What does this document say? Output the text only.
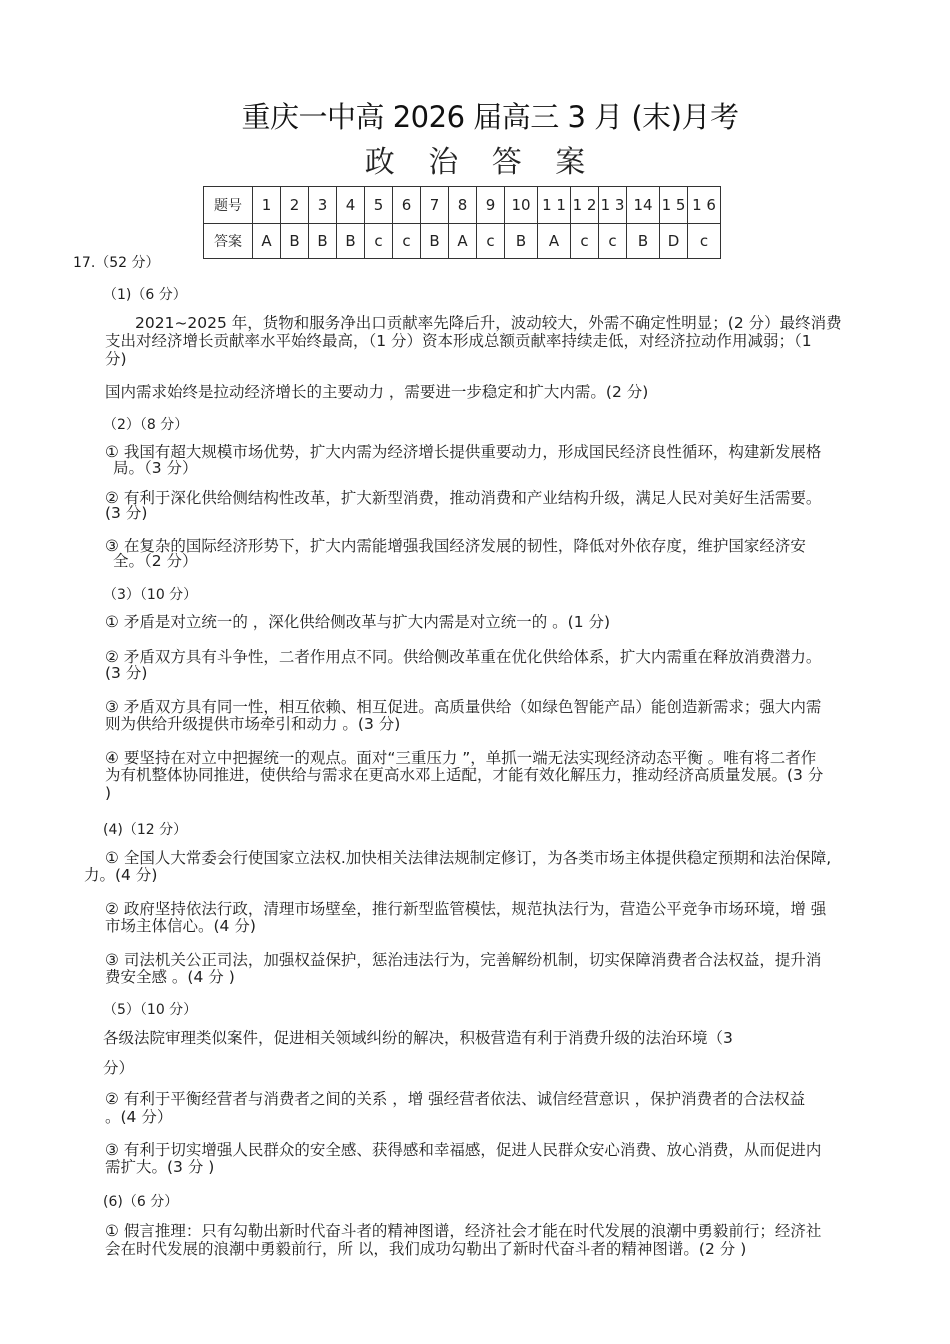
重庆一中高 2026 届高三 3 月 (末)月考
政 治 答 案
题号	1	2	3	4	5	6	7	8	9	10	1 1	1 2	1 3	14	1 5	1 6
答案	A	B	B	B	c	c	B	A	c	B	A	c	c	B	D	c
17.（52 分）
（1)（6 分）
2021~2025 年，货物和服务净出口贡献率先降后升，波动较大，外需不确定性明显；(2 分）最终消费
支出对经济增长贡献率水平始终最高，（1 分）资本形成总额贡献率持续走低，对经济拉动作用减弱；（1
分)
国内需求始终是拉动经济增长的主要动力 ，需要进一步稳定和扩大内需。(2 分)
（2）（8 分）
① 我国有超大规模市场优势，扩大内需为经济增长提供重要动力，形成国民经济良性循环，构建新发展格
局。（3 分）
② 有利于深化供给侧结构性改革，扩大新型消费，推动消费和产业结构升级，满足人民对美好生活需要。
(3 分)
③ 在复杂的国际经济形势下，扩大内需能增强我国经济发展的韧性，降低对外依存度，维护国家经济安
全。（2 分）
（3）（10 分）
① 矛盾是对立统一的 ，深化供给侧改革与扩大内需是对立统一的 。(1 分)
② 矛盾双方具有斗争性，二者作用点不同。供给侧改革重在优化供给体系，扩大内需重在释放消费潜力。
(3 分)
③ 矛盾双方具有同一性，相互依赖、相互促进。高质量供给（如绿色智能产品）能创造新需求；强大内需
则为供给升级提供市场牵引和动力 。(3 分)
④ 要坚持在对立中把握统一的观点。面对“三重压力 ”，单抓一端无法实现经济动态平衡 。唯有将二者作
为有机整体协同推进，使供给与需求在更高水邓上适配，才能有效化解压力，推动经济高质量发展。(3 分
)
(4)（12 分）
① 全国人大常委会行使国家立法权.加快相关法律法规制定修订，为各类市场主体提供稳定预期和法治保障,
力。(4 分)
② 政府坚持依法行政，清理市场壁垒，推行新型监管模怯，规范执法行为，营造公平竞争市场环境，增 强
市场主体信心。(4 分)
③ 司法机关公正司法，加强权益保护，惩治违法行为，完善解纷机制，切实保障消费者合法权益，提升消
费安全感 。(4 分 )
（5）（10 分）
各级法院审理类似案件，促进相关领域纠纷的解决，积极营造有利于消费升级的法治环境（3
分）
② 有利于平衡经营者与消费者之间的关系 ，增 强经营者依法、诚信经营意识 ，保护消费者的合法权益
。(4 分）
③ 有利于切实增强人民群众的安全感、获得感和幸福感，促进人民群众安心消费、放心消费，从而促进内
需扩大。(3 分 )
(6)（6 分）
① 假言推理：只有勾勒出新时代奋斗者的精神图谱，经济社会才能在时代发展的浪潮中勇毅前行；经济社
会在时代发展的浪潮中勇毅前行，所 以，我们成功勾勒出了新时代奋斗者的精神图谱。(2 分 )
